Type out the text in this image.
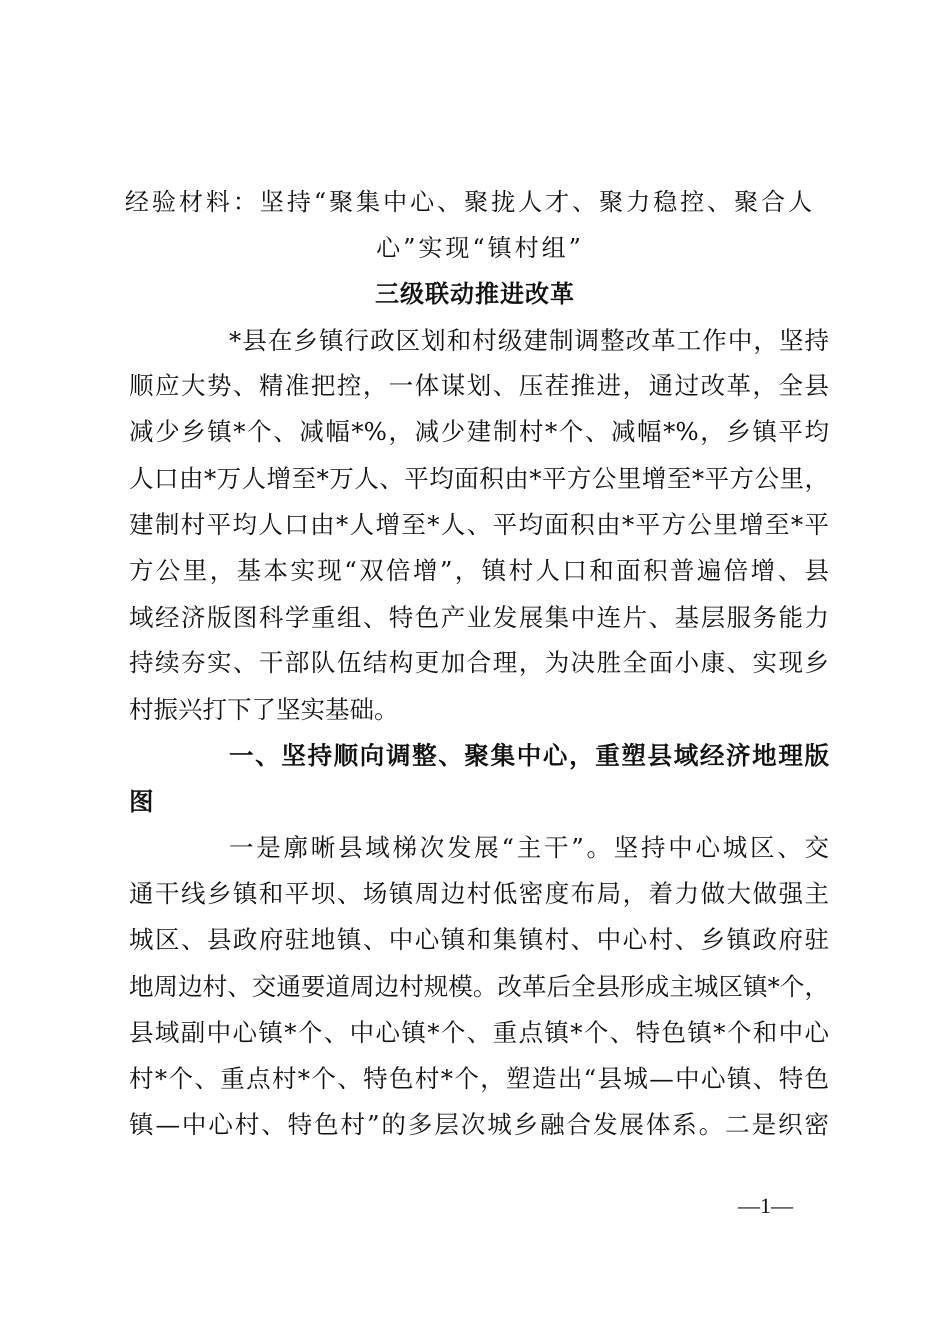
经验材料：坚持“聚集中心、聚拢人才、聚力稳控、聚合人
心”实现“镇村组”
三级联动推进改革
*县在乡镇行政区划和村级建制调整改革工作中，坚持
顺应大势、精准把控，一体谋划、压茬推进，通过改革，全县
减少乡镇*个、减幅*%，减少建制村*个、减幅*%，乡镇平均
人口由*万人增至*万人、平均面积由*平方公里增至*平方公里，
建制村平均人口由*人增至*人、平均面积由*平方公里增至*平
方公里，基本实现“双倍增”，镇村人口和面积普遍倍增、县
域经济版图科学重组、特色产业发展集中连片、基层服务能力
持续夯实、干部队伍结构更加合理，为决胜全面小康、实现乡
村振兴打下了坚实基础。
一、坚持顺向调整、聚集中心，重塑县域经济地理版
图
一是廓晰县域梯次发展“主干”。坚持中心城区、交
通干线乡镇和平坝、场镇周边村低密度布局，着力做大做强主
城区、县政府驻地镇、中心镇和集镇村、中心村、乡镇政府驻
地周边村、交通要道周边村规模。改革后全县形成主城区镇*个，
县域副中心镇*个、中心镇*个、重点镇*个、特色镇*个和中心
村*个、重点村*个、特色村*个，塑造出“县城—中心镇、特色
镇—中心村、特色村”的多层次城乡融合发展体系。二是织密
—1—
